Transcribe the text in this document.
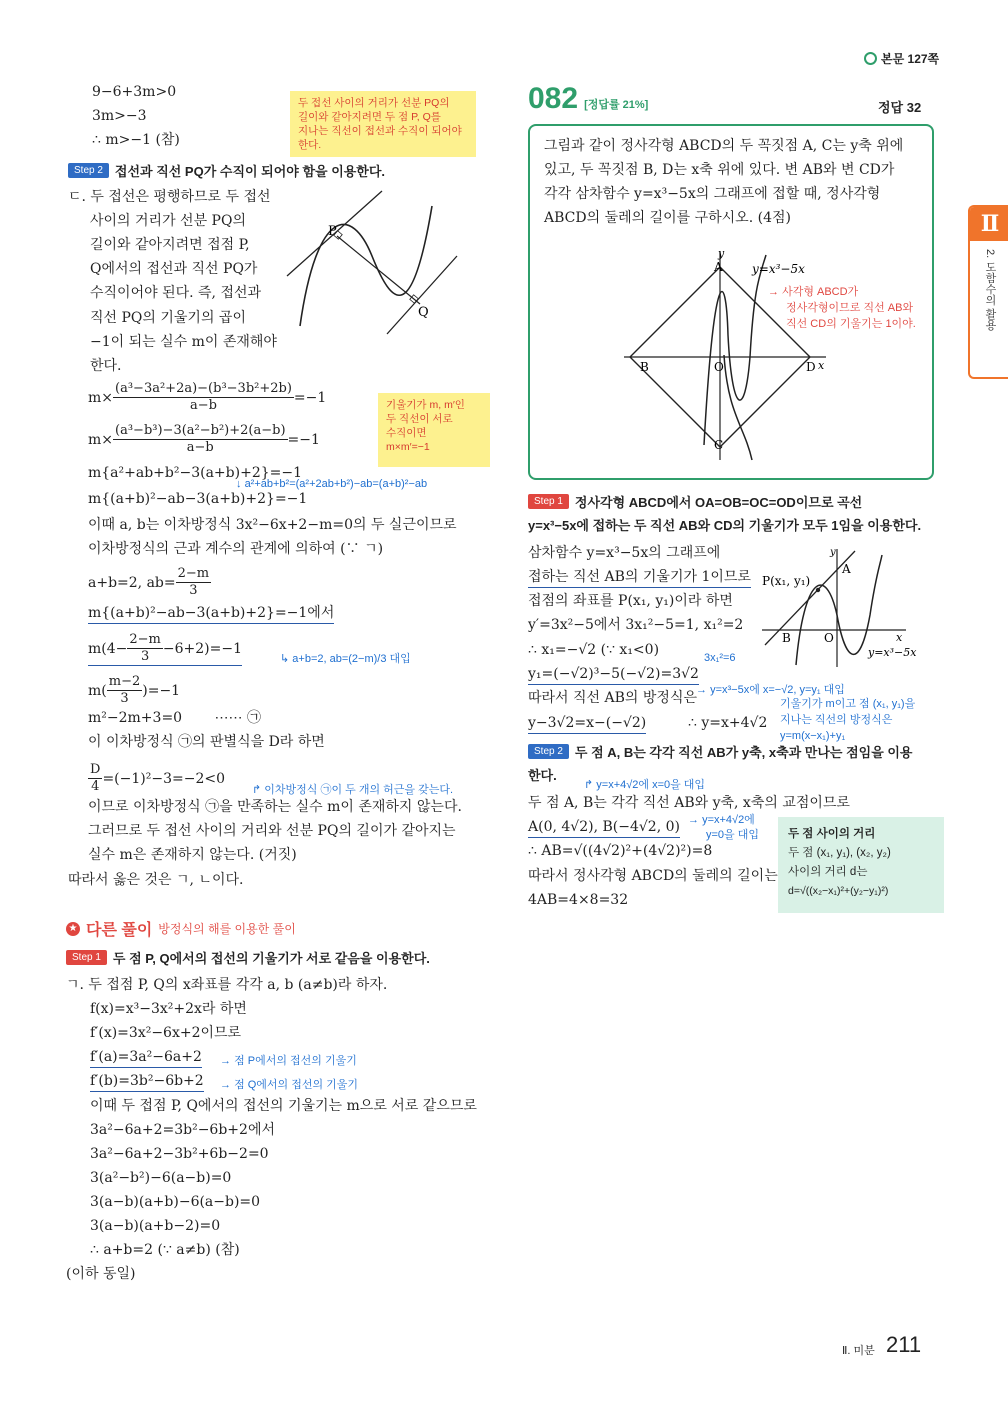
본문 127쪽
Ⅱ
2. 도함수의 활용
9−6+3m>0
3m>−3
∴ m>−1 (참)
두 접선 사이의 거리가 선분 PQ의
길이와 같아지려면 두 점 P, Q를
지나는 직선이 접선과 수직이 되어야
한다.
Step 2 접선과 직선 PQ가 수직이 되어야 함을 이용한다.
ㄷ. 두 접선은 평행하므로 두 접선
사이의 거리가 선분 PQ의
길이와 같아지려면 접점 P,
Q에서의 접선과 직선 PQ가
수직이어야 된다. 즉, 접선과
직선 PQ의 기울기의 곱이
−1이 되는 실수 m이 존재해야
한다.
P
Q
$m\times \frac{\text{(a³−3a²+2a)−(b³−3b²+2b)}}{a-b} =-1$
$m\times \frac{\text{(a³−b³)−3(a²−b²)+2(a−b)}}{a-b} =-1$
기울기가 m, m′인
두 직선이 서로
수직이면
m×m′=−1
m{a²+ab+b²−3(a+b)+2}=−1
↓ a²+ab+b²=(a²+2ab+b²)−ab=(a+b)²−ab
m{(a+b)²−ab−3(a+b)+2}=−1
이때 a, b는 이차방정식 3x²−6x+2−m=0의 두 실근이므로
이차방정식의 근과 계수의 관계에 의하여 (∵ ㄱ)
a+b=2, $ab= \frac{2-m}{3}$
m{(a+b)²−ab−3(a+b)+2}=−1에서
$m(4- \frac{2-m}{3} -6+2)=-1$
↳ a+b=2, ab=(2−m)/3 대입
$m( \frac{m-2}{3} )=-1$
m²−2m+3=0 ⋯⋯ ㉠
이 이차방정식 ㉠의 판별식을 D라 하면
$\frac{D}{4} =(-1)^2-3=-2<0$
↱ 이차방정식 ㉠이 두 개의 허근을 갖는다.
이므로 이차방정식 ㉠을 만족하는 실수 m이 존재하지 않는다.
그러므로 두 접선 사이의 거리와 선분 PQ의 길이가 같아지는
실수 m은 존재하지 않는다. (거짓)
따라서 옳은 것은 ㄱ, ㄴ이다.
★ 다른 풀이 방정식의 해를 이용한 풀이
Step 1 두 점 P, Q에서의 접선의 기울기가 서로 같음을 이용한다.
ㄱ. 두 접점 P, Q의 x좌표를 각각 a, b (a≠b)라 하자.
f(x)=x³−3x²+2x라 하면
f′(x)=3x²−6x+2이므로
f′(a)=3a²−6a+2 → 점 P에서의 접선의 기울기
f′(b)=3b²−6b+2 → 점 Q에서의 접선의 기울기
이때 두 접점 P, Q에서의 접선의 기울기는 m으로 서로 같으므로
3a²−6a+2=3b²−6b+2에서
3a²−6a+2−3b²+6b−2=0
3(a²−b²)−6(a−b)=0
3(a−b)(a+b)−6(a−b)=0
3(a−b)(a+b−2)=0
∴ a+b=2 (∵ a≠b) (참)
(이하 동일)
082 [정답률 21%]	정답 32
그림과 같이 정사각형 ABCD의 두 꼭짓점 A, C는 y축 위에
있고, 두 꼭짓점 B, D는 x축 위에 있다. 변 AB와 변 CD가
각각 삼차함수 y=x³−5x의 그래프에 접할 때, 정사각형
ABCD의 둘레의 길이를 구하시오. (4점)
y
x
A
B	O	D
C
y=x³−5x
→ 사각형 ABCD가
정사각형이므로 직선 AB와
직선 CD의 기울기는 1이야.
Step 1 정사각형 ABCD에서 OA=OB=OC=OD이므로 곡선
y=x³−5x에 접하는 두 직선 AB와 CD의 기울기가 모두 1임을 이용한다.
삼차함수 y=x³−5x의 그래프에
접하는 직선 AB의 기울기가 1이므로
접점의 좌표를 P(x₁, y₁)이라 하면
y′=3x²−5에서 3x₁²−5=1, x₁²=2
3x₁²=6
∴ x₁=−√2 (∵ x₁<0)
y₁=(−√2)³−5(−√2)=3√2
→ y=x³−5x에 x=−√2, y=y₁ 대입
따라서 직선 AB의 방정식은	기울기가 m이고 점 (x₁, y₁)을
지나는 직선의 방정식은
y=m(x−x₁)+y₁
y−3√2=x−(−√2)	∴ y=x+4√2
y
x
A
B	O
P(x₁, y₁)
y=x³−5x
Step 2 두 점 A, B는 각각 직선 AB가 y축, x축과 만나는 점임을 이용
한다.
↱ y=x+4√2에 x=0을 대입
두 점 A, B는 각각 직선 AB와 y축, x축의 교점이므로
A(0, 4√2), B(−4√2, 0) → y=x+4√2에
y=0을 대입
∴ AB=√((4√2)²+(4√2)²)=8
따라서 정사각형 ABCD의 둘레의 길이는
4AB=4×8=32
두 점 사이의 거리
두 점 (x₁, y₁), (x₂, y₂)
사이의 거리 d는
d=√((x₂−x₁)²+(y₂−y₁)²)
Ⅱ. 미분 211
